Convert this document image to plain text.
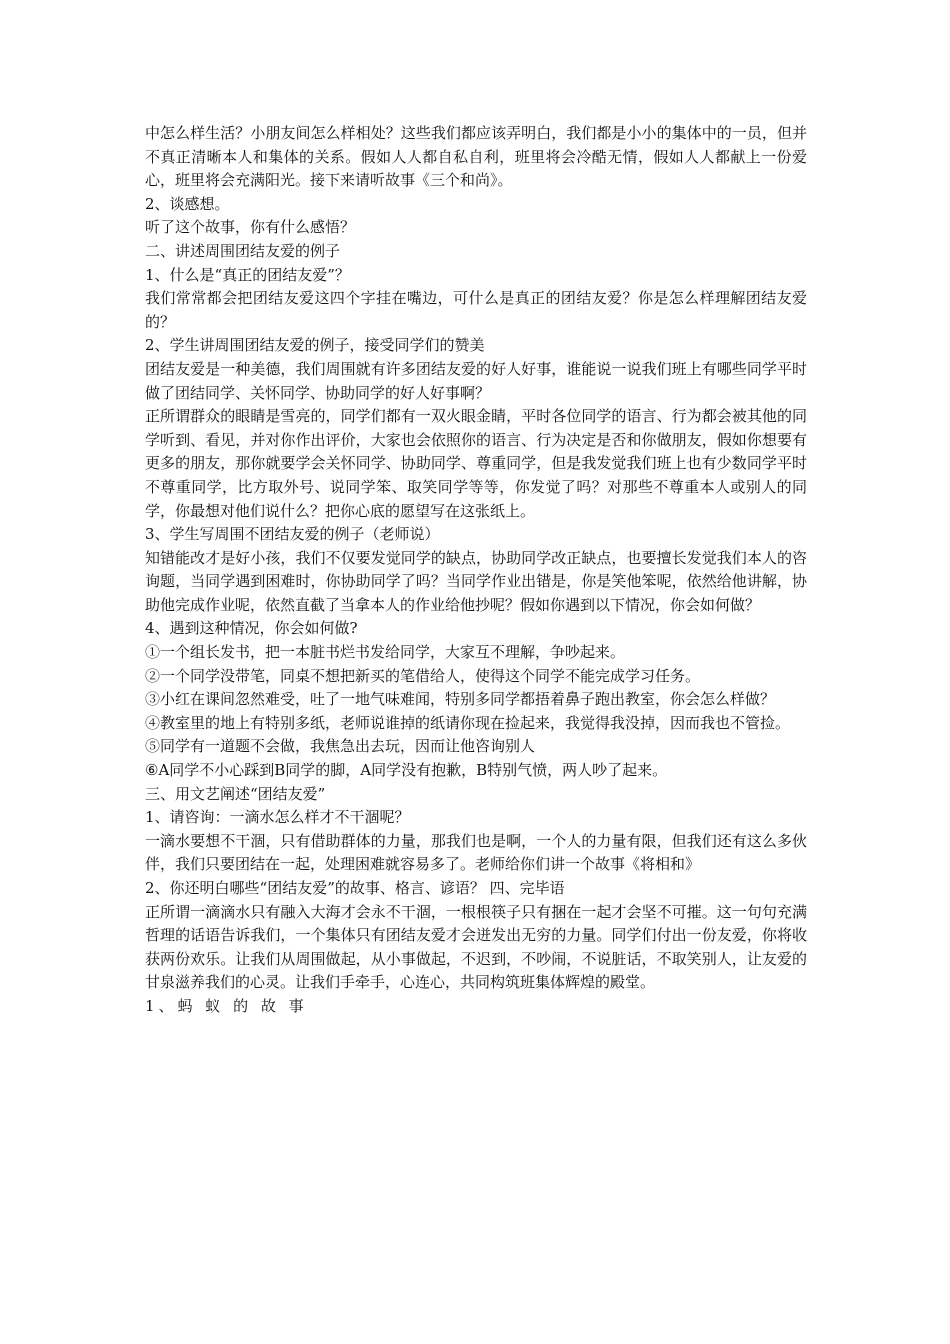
中怎么样生活？小朋友间怎么样相处？这些我们都应该弄明白，我们都是小小的集体中的一员，但并不真正清晰本人和集体的关系。假如人人都自私自利，班里将会冷酷无情，假如人人都献上一份爱心，班里将会充满阳光。接下来请听故事《三个和尚》。

2、谈感想。

听了这个故事，你有什么感悟？

二、讲述周围团结友爱的例子

1、什么是“真正的团结友爱”？

我们常常都会把团结友爱这四个字挂在嘴边，可什么是真正的团结友爱？你是怎么样理解团结友爱的？

2、学生讲周围团结友爱的例子，接受同学们的赞美

团结友爱是一种美德，我们周围就有许多团结友爱的好人好事，谁能说一说我们班上有哪些同学平时做了团结同学、关怀同学、协助同学的好人好事啊？

正所谓群众的眼睛是雪亮的，同学们都有一双火眼金睛，平时各位同学的语言、行为都会被其他的同学听到、看见，并对你作出评价，大家也会依照你的语言、行为决定是否和你做朋友，假如你想要有更多的朋友，那你就要学会关怀同学、协助同学、尊重同学，但是我发觉我们班上也有少数同学平时不尊重同学，比方取外号、说同学笨、取笑同学等等，你发觉了吗？对那些不尊重本人或别人的同学，你最想对他们说什么？把你心底的愿望写在这张纸上。

3、学生写周围不团结友爱的例子（老师说）

知错能改才是好小孩，我们不仅要发觉同学的缺点，协助同学改正缺点，也要擅长发觉我们本人的咨询题，当同学遇到困难时，你协助同学了吗？当同学作业出错是，你是笑他笨呢，依然给他讲解，协助他完成作业呢，依然直截了当拿本人的作业给他抄呢？假如你遇到以下情况，你会如何做？

4、遇到这种情况，你会如何做?

①一个组长发书，把一本脏书烂书发给同学，大家互不理解，争吵起来。

②一个同学没带笔，同桌不想把新买的笔借给人，使得这个同学不能完成学习任务。

③小红在课间忽然难受，吐了一地气味难闻，特别多同学都捂着鼻子跑出教室，你会怎么样做？

④教室里的地上有特别多纸，老师说谁掉的纸请你现在捡起来，我觉得我没掉，因而我也不管捡。

⑤同学有一道题不会做，我焦急出去玩，因而让他咨询别人

⑥A同学不小心踩到B同学的脚，A同学没有抱歉，B特别气愤，两人吵了起来。

三、用文艺阐述“团结友爱”

1、请咨询：一滴水怎么样才不干涸呢？

一滴水要想不干涸，只有借助群体的力量，那我们也是啊，一个人的力量有限，但我们还有这么多伙伴，我们只要团结在一起，处理困难就容易多了。老师给你们讲一个故事《将相和》

2、你还明白哪些“团结友爱”的故事、格言、谚语？ 四、完毕语

正所谓一滴滴水只有融入大海才会永不干涸，一根根筷子只有捆在一起才会坚不可摧。这一句句充满哲理的话语告诉我们，一个集体只有团结友爱才会迸发出无穷的力量。同学们付出一份友爱，你将收获两份欢乐。让我们从周围做起，从小事做起，不迟到，不吵闹，不说脏话，不取笑别人，让友爱的甘泉滋养我们的心灵。让我们手牵手，心连心，共同构筑班集体辉煌的殿堂。

1、蚂 蚁 的 故 事
